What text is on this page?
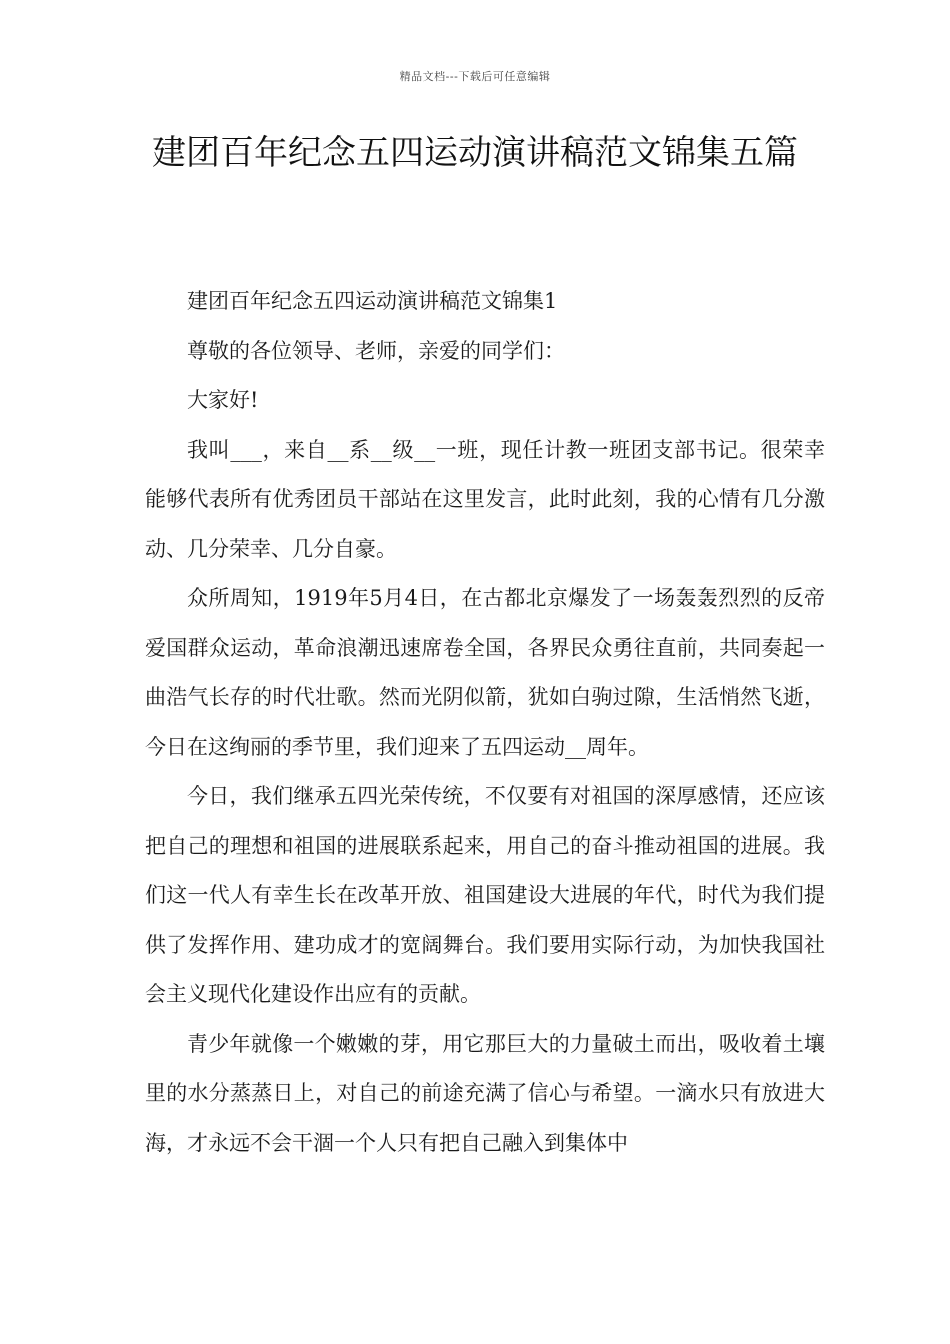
精品文档---下载后可任意编辑
建团百年纪念五四运动演讲稿范文锦集五篇

建团百年纪念五四运动演讲稿范文锦集1

尊敬的各位领导、老师，亲爱的同学们：

大家好!

我叫___，来自__系__级__一班，现任计教一班团支部书记。很荣幸能够代表所有优秀团员干部站在这里发言，此时此刻，我的心情有几分激动、几分荣幸、几分自豪。

众所周知，1919年5月4日，在古都北京爆发了一场轰轰烈烈的反帝爱国群众运动，革命浪潮迅速席卷全国，各界民众勇往直前，共同奏起一曲浩气长存的时代壮歌。然而光阴似箭，犹如白驹过隙，生活悄然飞逝，今日在这绚丽的季节里，我们迎来了五四运动__周年。

今日，我们继承五四光荣传统，不仅要有对祖国的深厚感情，还应该把自己的理想和祖国的进展联系起来，用自己的奋斗推动祖国的进展。我们这一代人有幸生长在改革开放、祖国建设大进展的年代，时代为我们提供了发挥作用、建功成才的宽阔舞台。我们要用实际行动，为加快我国社会主义现代化建设作出应有的贡献。

青少年就像一个嫩嫩的芽，用它那巨大的力量破土而出，吸收着土壤里的水分蒸蒸日上，对自己的前途充满了信心与希望。一滴水只有放进大海，才永远不会干涸一个人只有把自己融入到集体中
